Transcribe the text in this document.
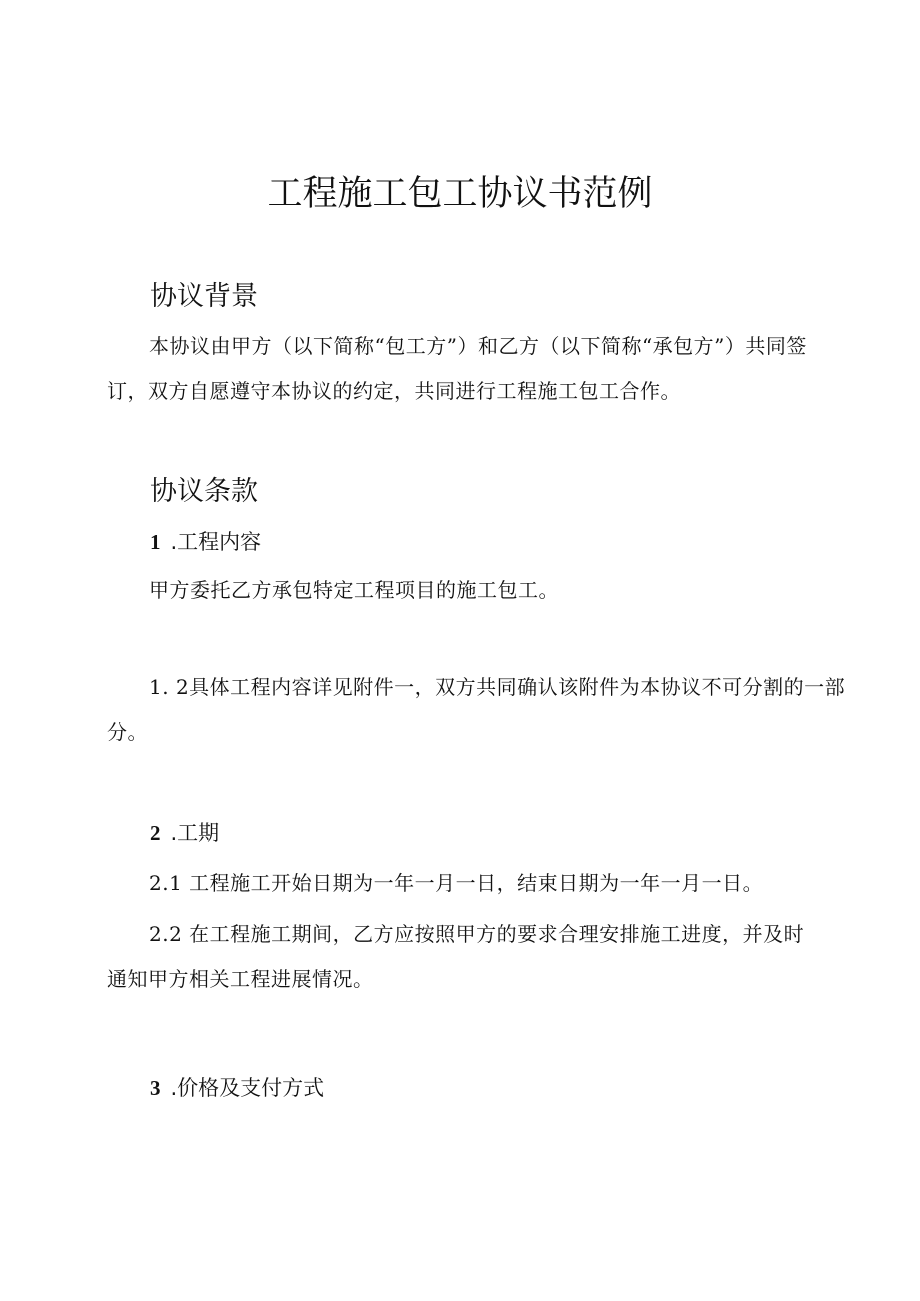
工程施工包工协议书范例
协议背景
本协议由甲方（以下简称“包工方”）和乙方（以下简称“承包方”）共同签订，双方自愿遵守本协议的约定，共同进行工程施工包工合作。
协议条款
1 .工程内容
甲方委托乙方承包特定工程项目的施工包工。
1. 2具体工程内容详见附件一，双方共同确认该附件为本协议不可分割的一部分。
2 .工期
2.1 工程施工开始日期为一年一月一日，结束日期为一年一月一日。
2.2 在工程施工期间，乙方应按照甲方的要求合理安排施工进度，并及时通知甲方相关工程进展情况。
3 .价格及支付方式
